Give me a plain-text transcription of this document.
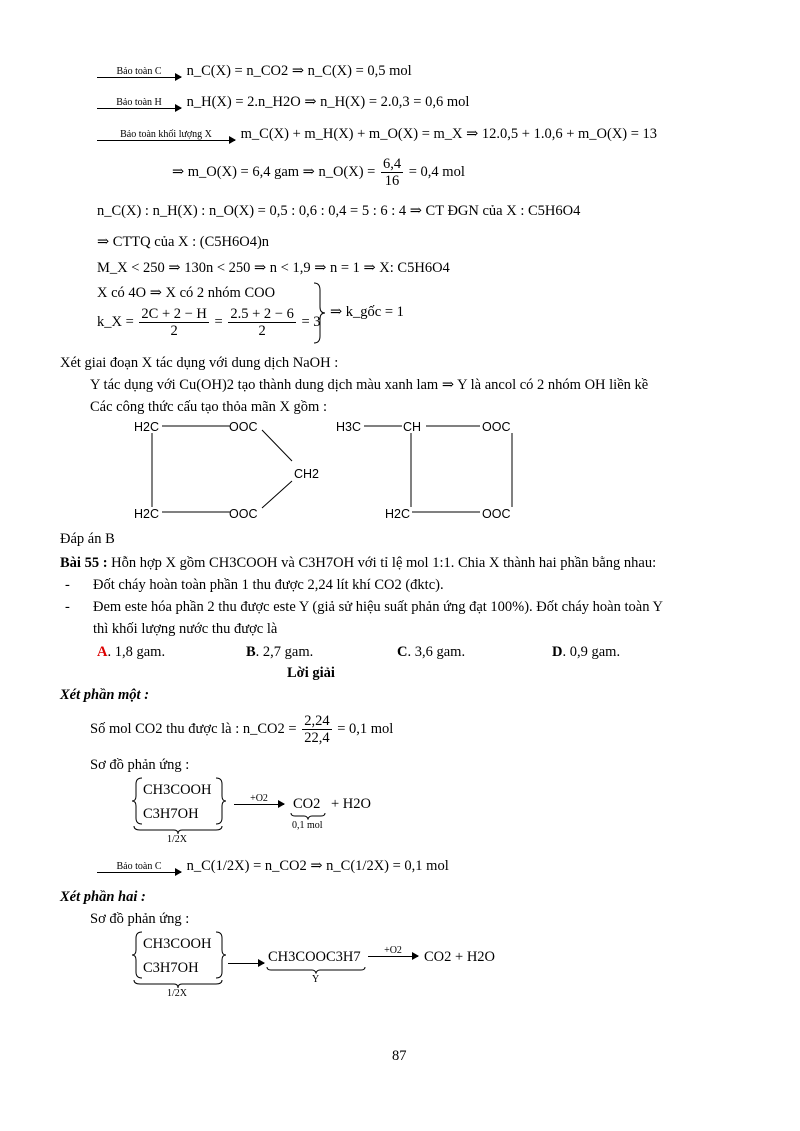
Bảo toàn C n_C(X) = n_CO2 ⇒ n_C(X) = 0,5 mol
Bảo toàn H n_H(X) = 2.n_H2O ⇒ n_H(X) = 2.0,3 = 0,6 mol
Bảo toàn khối lượng X m_C(X) + m_H(X) + m_O(X) = m_X ⇒ 12.0,5 + 1.0,6 + m_O(X) = 13
⇒ m_O(X) = 6,4 gam ⇒ n_O(X) = $\frac{6,4}{16} = 0,4$ mol
n_C(X) : n_H(X) : n_O(X) = 0,5 : 0,6 : 0,4 = 5 : 6 : 4 ⇒ CT ĐGN của X : C5H6O4
⇒ CTTQ của X : (C5H6O4)n
M_X < 250 ⇒ 130n < 250 ⇒ n < 1,9 ⇒ n = 1 ⇒ X: C5H6O4
X có 4O ⇒ X có 2 nhóm COO
k_X = $\frac{2C + 2 - H}{2} = \frac{2.5 + 2 - 6}{2} = 3$
⇒ k_gốc = 1
Xét giai đoạn X tác dụng với dung dịch NaOH :
Y tác dụng với Cu(OH)2 tạo thành dung dịch màu xanh lam ⇒ Y là ancol có 2 nhóm OH liền kề
Các công thức cấu tạo thỏa mãn X gồm :
H2C	OOC
CH2
H2C	OOC
H3C	CH	OOC
H2C	OOC
Đáp án B
Bài 55 : Hỗn hợp X gồm CH3COOH và C3H7OH với tỉ lệ mol 1:1. Chia X thành hai phần bằng nhau:
- Đốt cháy hoàn toàn phần 1 thu được 2,24 lít khí CO2 (đktc).
- Đem este hóa phần 2 thu được este Y (giả sử hiệu suất phản ứng đạt 100%). Đốt cháy hoàn toàn Y
thì khối lượng nước thu được là
A. 1,8 gam.	B. 2,7 gam.	C. 3,6 gam.	D. 0,9 gam.
Lời giải
Xét phần một :
Số mol CO2 thu được là : n_CO2 = $\frac{2,24}{22,4} = 0,1$ mol
Sơ đồ phản ứng :
CH3COOH
C3H7OH
1/2X
+O2 CO2
0,1 mol
+ H2O
Bảo toàn C n_C(1/2X) = n_CO2 ⇒ n_C(1/2X) = 0,1 mol
Xét phần hai :
Sơ đồ phản ứng :
CH3COOH
C3H7OH
1/2X

CH3COOC3H7
Y
+O2 CO2 + H2O
87
